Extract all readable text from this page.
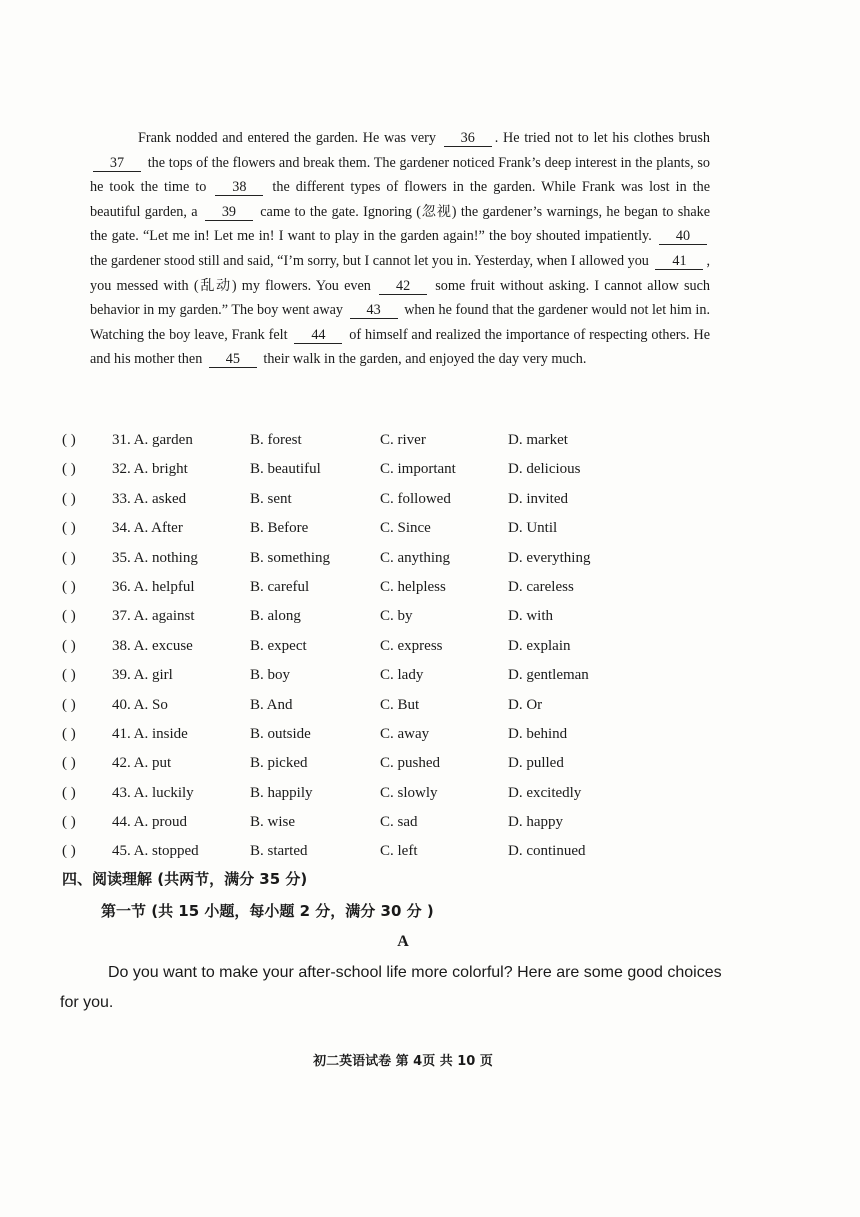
Frank nodded and entered the garden. He was very 36 . He tried not to let his clothes brush 37 the tops of the flowers and break them. The gardener noticed Frank’s deep interest in the plants, so he took the time to 38 the different types of flowers in the garden. While Frank was lost in the beautiful garden, a 39 came to the gate. Ignoring (忽视) the gardener’s warnings, he began to shake the gate. “Let me in! Let me in! I want to play in the garden again!” the boy shouted impatiently. 40 the gardener stood still and said, “I’m sorry, but I cannot let you in. Yesterday, when I allowed you 41 , you messed with (乱动) my flowers. You even 42 some fruit without asking. I cannot allow such behavior in my garden.” The boy went away 43 when he found that the gardener would not let him in. Watching the boy leave, Frank felt 44 of himself and realized the importance of respecting others. He and his mother then 45 their walk in the garden, and enjoyed the day very much.
( ) 31. A. garden	B. forest	C. river	D. market
( ) 32. A. bright	B. beautiful	C. important	D. delicious
( ) 33. A. asked	B. sent	C. followed	D. invited
( ) 34. A. After	B. Before	C. Since	D. Until
( ) 35. A. nothing	B. something	C. anything	D. everything
( ) 36. A. helpful	B. careful	C. helpless	D. careless
( ) 37. A. against	B. along	C. by	D. with
( ) 38. A. excuse	B. expect	C. express	D. explain
( ) 39. A. girl	B. boy	C. lady	D. gentleman
( ) 40. A. So	B. And	C. But	D. Or
( ) 41. A. inside	B. outside	C. away	D. behind
( ) 42. A. put	B. picked	C. pushed	D. pulled
( ) 43. A. luckily	B. happily	C. slowly	D. excitedly
( ) 44. A. proud	B. wise	C. sad	D. happy
( ) 45. A. stopped	B. started	C. left	D. continued
四、阅读理解 (共两节，满分 35 分)
第一节 (共 15 小题，每小题 2 分，满分 30 分 )
A
Do you want to make your after-school life more colorful? Here are some good choices for you.
初二英语试卷 第 4页 共 10 页
